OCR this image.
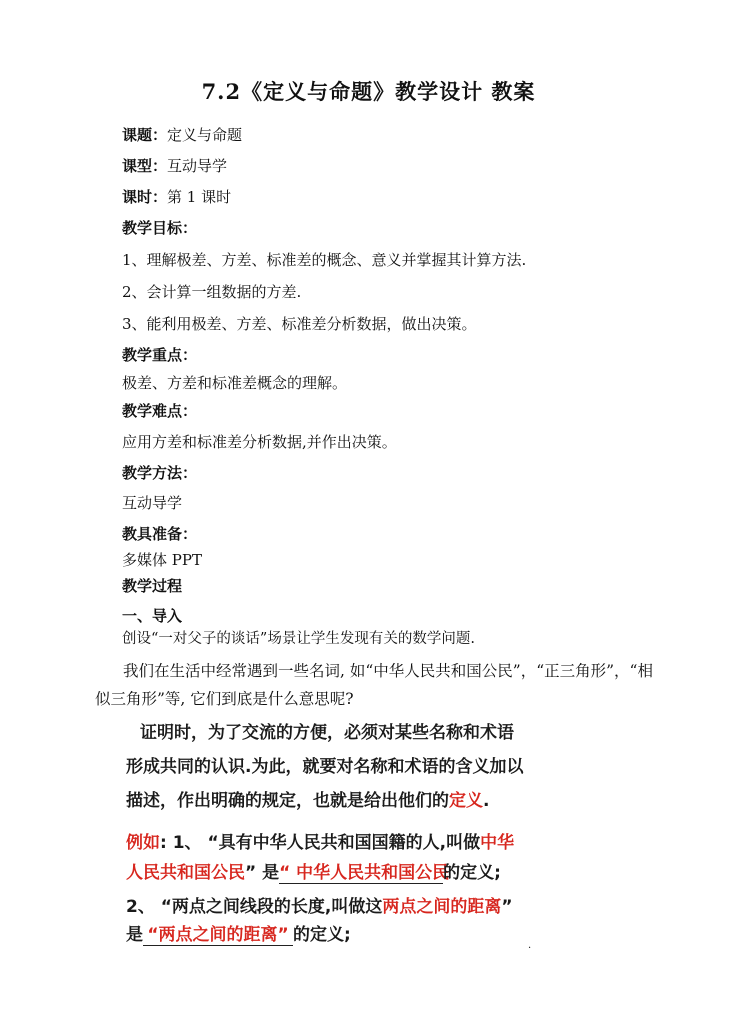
7.2《定义与命题》教学设计 教案
课题：定义与命题
课型：互动导学
课时：第 1 课时
教学目标：
1、理解极差、方差、标准差的概念、意义并掌握其计算方法.
2、会计算一组数据的方差.
3、能利用极差、方差、标准差分析数据，做出决策。
教学重点：
极差、方差和标准差概念的理解。
教学难点：
应用方差和标准差分析数据,并作出决策。
教学方法：
互动导学
教具准备：
多媒体 PPT
教学过程
一、导入
创设“一对父子的谈话”场景让学生发现有关的数学问题.
我们在生活中经常遇到一些名词, 如“中华人民共和国公民”，“正三角形”，“相似三角形”等, 它们到底是什么意思呢?
证明时，为了交流的方便，必须对某些名称和术语
形成共同的认识.为此，就要对名称和术语的含义加以
描述，作出明确的规定，也就是给出他们的定义.
例如: 1、 “具有中华人民共和国国籍的人,叫做中华
人民共和国公民” 是“ 中华人民共和国公民的定义;
2、 “两点之间线段的长度,叫做这两点之间的距离”
是 “两点之间的距离” 的定义;
.
